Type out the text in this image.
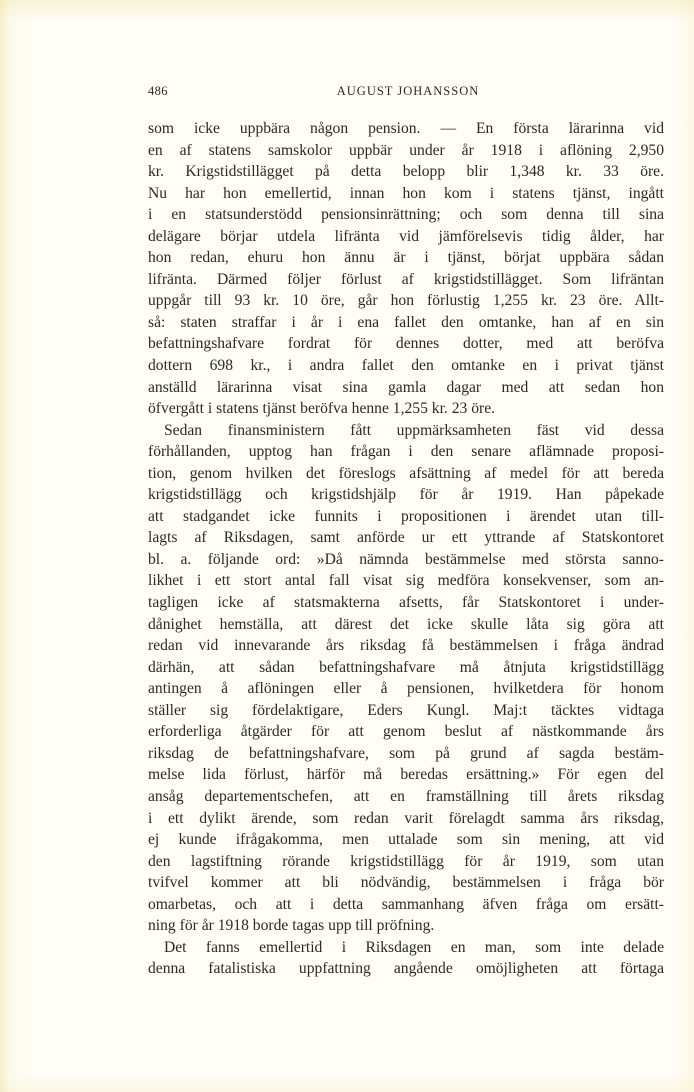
486	AUGUST JOHANSSON
som icke uppbära någon pension. — En första lärarinna vid
en af statens samskolor uppbär under år 1918 i aflöning 2,950
kr. Krigstidstillägget på detta belopp blir 1,348 kr. 33 öre.
Nu har hon emellertid, innan hon kom i statens tjänst, ingått
i en statsunderstödd pensionsinrättning; och som denna till sina
delägare börjar utdela lifränta vid jämförelsevis tidig ålder, har
hon redan, ehuru hon ännu är i tjänst, börjat uppbära sådan
lifränta. Därmed följer förlust af krigstidstillägget. Som lifräntan
uppgår till 93 kr. 10 öre, går hon förlustig 1,255 kr. 23 öre. Allt-
så: staten straffar i år i ena fallet den omtanke, han af en sin
befattningshafvare fordrat för dennes dotter, med att beröfva
dottern 698 kr., i andra fallet den omtanke en i privat tjänst
anställd lärarinna visat sina gamla dagar med att sedan hon
öfvergått i statens tjänst beröfva henne 1,255 kr. 23 öre.
Sedan finansministern fått uppmärksamheten fäst vid dessa
förhållanden, upptog han frågan i den senare aflämnade proposi-
tion, genom hvilken det föreslogs afsättning af medel för att bereda
krigstidstillägg och krigstidshjälp för år 1919. Han påpekade
att stadgandet icke funnits i propositionen i ärendet utan till-
lagts af Riksdagen, samt anförde ur ett yttrande af Statskontoret
bl. a. följande ord: »Då nämnda bestämmelse med största sanno-
likhet i ett stort antal fall visat sig medföra konsekvenser, som an-
tagligen icke af statsmakterna afsetts, får Statskontoret i under-
dånighet hemställa, att därest det icke skulle låta sig göra att
redan vid innevarande års riksdag få bestämmelsen i fråga ändrad
därhän, att sådan befattningshafvare må åtnjuta krigstidstillägg
antingen å aflöningen eller å pensionen, hvilketdera för honom
ställer sig fördelaktigare, Eders Kungl. Maj:t täcktes vidtaga
erforderliga åtgärder för att genom beslut af nästkommande års
riksdag de befattningshafvare, som på grund af sagda bestäm-
melse lida förlust, härför må beredas ersättning.» För egen del
ansåg departementschefen, att en framställning till årets riksdag
i ett dylikt ärende, som redan varit förelagdt samma års riksdag,
ej kunde ifrågakomma, men uttalade som sin mening, att vid
den lagstiftning rörande krigstidstillägg för år 1919, som utan
tvifvel kommer att bli nödvändig, bestämmelsen i fråga bör
omarbetas, och att i detta sammanhang äfven fråga om ersätt-
ning för år 1918 borde tagas upp till pröfning.
Det fanns emellertid i Riksdagen en man, som inte delade
denna fatalistiska uppfattning angående omöjligheten att förtaga
